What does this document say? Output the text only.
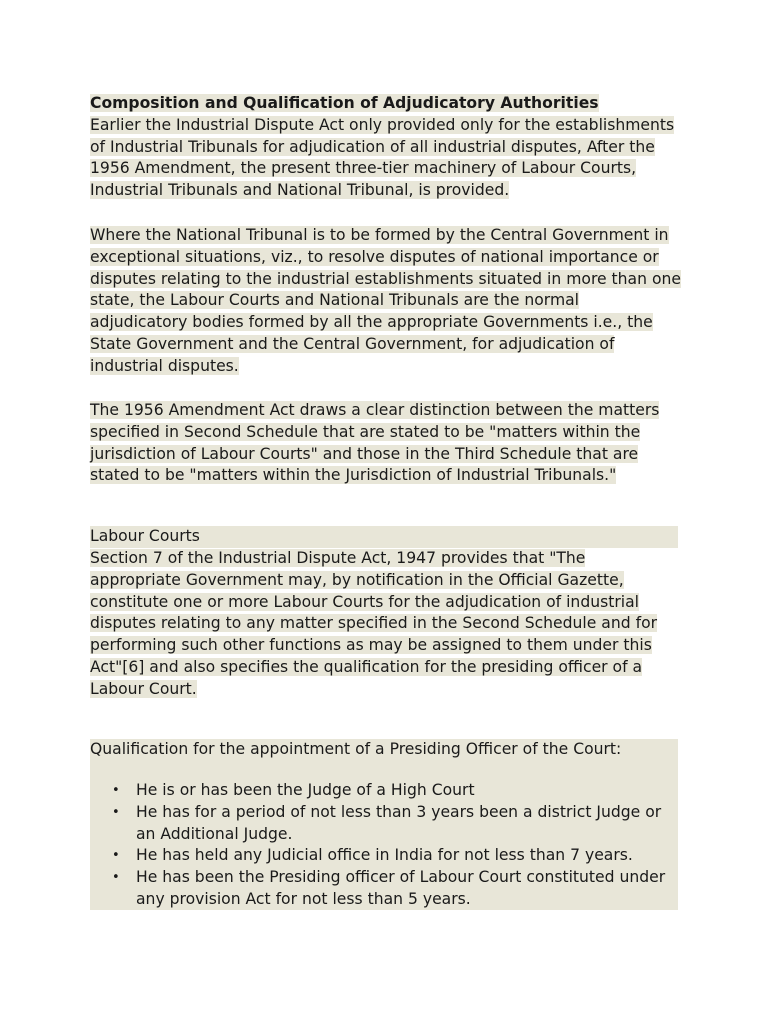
Composition and Qualification of Adjudicatory Authorities
Earlier the Industrial Dispute Act only provided only for the establishments
of Industrial Tribunals for adjudication of all industrial disputes, After the
1956 Amendment, the present three-tier machinery of Labour Courts,
Industrial Tribunals and National Tribunal, is provided.
Where the National Tribunal is to be formed by the Central Government in
exceptional situations, viz., to resolve disputes of national importance or
disputes relating to the industrial establishments situated in more than one
state, the Labour Courts and National Tribunals are the normal
adjudicatory bodies formed by all the appropriate Governments i.e., the
State Government and the Central Government, for adjudication of
industrial disputes.
The 1956 Amendment Act draws a clear distinction between the matters
specified in Second Schedule that are stated to be "matters within the
jurisdiction of Labour Courts" and those in the Third Schedule that are
stated to be "matters within the Jurisdiction of Industrial Tribunals."
Labour Courts
Section 7 of the Industrial Dispute Act, 1947 provides that "The
appropriate Government may, by notification in the Official Gazette,
constitute one or more Labour Courts for the adjudication of industrial
disputes relating to any matter specified in the Second Schedule and for
performing such other functions as may be assigned to them under this
Act"[6] and also specifies the qualification for the presiding officer of a
Labour Court.
Qualification for the appointment of a Presiding Officer of the Court:
• He is or has been the Judge of a High Court
• He has for a period of not less than 3 years been a district Judge or
an Additional Judge.
• He has held any Judicial office in India for not less than 7 years.
• He has been the Presiding officer of Labour Court constituted under
any provision Act for not less than 5 years.
